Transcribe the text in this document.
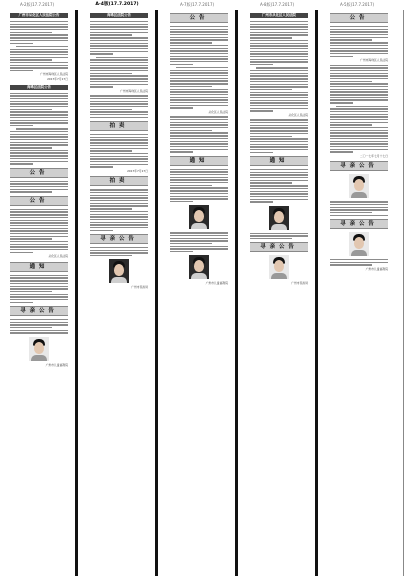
A-2版(17.7.2017)	A-4版(17.7.2017)	A-7版(17.7.2017)	A-8版(17.7.2017)	A-5版(17.7.2017)
广州市从化区人民法院公告
广州市海珠区人民法院
2017年7月17日
海珠区法院公告
公告
公告
从化区人民法院
通知
寻亲公告
广州市儿童福利院
海珠区法院公告
广州市海珠区人民法院
拍卖
2017年7月17日
拍卖
寻亲公告
广州市民政局
公告
从化区人民法院
通知
广州市儿童福利院
广州市从化区人民法院
从化区人民法院
通知
寻亲公告
广州市民政局
公告
广州市海珠区人民法院
二〇一七年七月十七日
寻亲公告
寻亲公告
广州市儿童福利院
